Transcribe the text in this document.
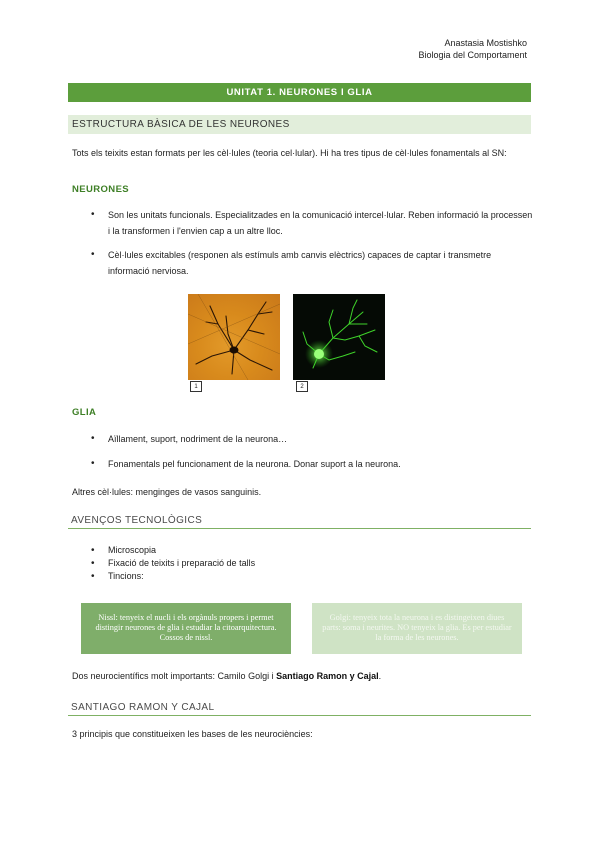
Anastasia Mostishko
Biologia del Comportament
UNITAT 1. NEURONES I GLIA
ESTRUCTURA BÀSICA DE LES NEURONES
Tots els teixits estan formats per les cèl·lules (teoria cel·lular). Hi ha tres tipus de cèl·lules fonamentals al SN:
NEURONES
• Son les unitats funcionals. Especialitzades en la comunicació intercel·lular. Reben informació la processen i la transformen i l'envien cap a un altre lloc.
• Cèl·lules excitables (responen als estímuls amb canvis elèctrics) capaces de captar i transmetre informació nerviosa.
1	2
GLIA
• Aïllament, suport, nodriment de la neurona…
• Fonamentals pel funcionament de la neurona. Donar suport a la neurona.
Altres cèl·lules: menginges de vasos sanguinis.
AVENÇOS TECNOLÒGICS
• Microscopia
• Fixació de teixits i preparació de talls
• Tincions:
Nissl: tenyeix el nucli i els orgànuls propers i permet distingir neurones de glia i estudiar la citoarquitectura. Cossos de nissl.
Golgi: tenyeix tota la neurona i es distingeixen diues parts: soma i neurites. NO tenyeix la glia. Es per estudiar la forma de les neurones.
Dos neurocientífics molt importants: Camilo Golgi i Santiago Ramon y Cajal.
SANTIAGO RAMON Y CAJAL
3 principis que constitueixen les bases de les neurociències:
